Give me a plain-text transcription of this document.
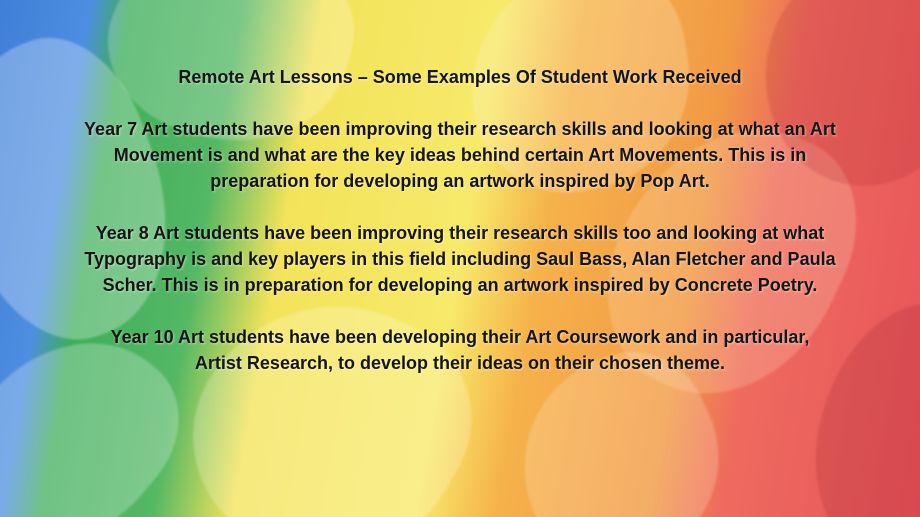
Remote Art Lessons – Some Examples Of Student Work Received

Year 7 Art students have been improving their research skills and looking at what an Art Movement is and what are the key ideas behind certain Art Movements. This is in preparation for developing an artwork inspired by Pop Art.

Year 8 Art students have been improving their research skills too and looking at what Typography is and key players in this field including Saul Bass, Alan Fletcher and Paula Scher. This is in preparation for developing an artwork inspired by Concrete Poetry.

Year 10 Art students have been developing their Art Coursework and in particular, Artist Research, to develop their ideas on their chosen theme.
